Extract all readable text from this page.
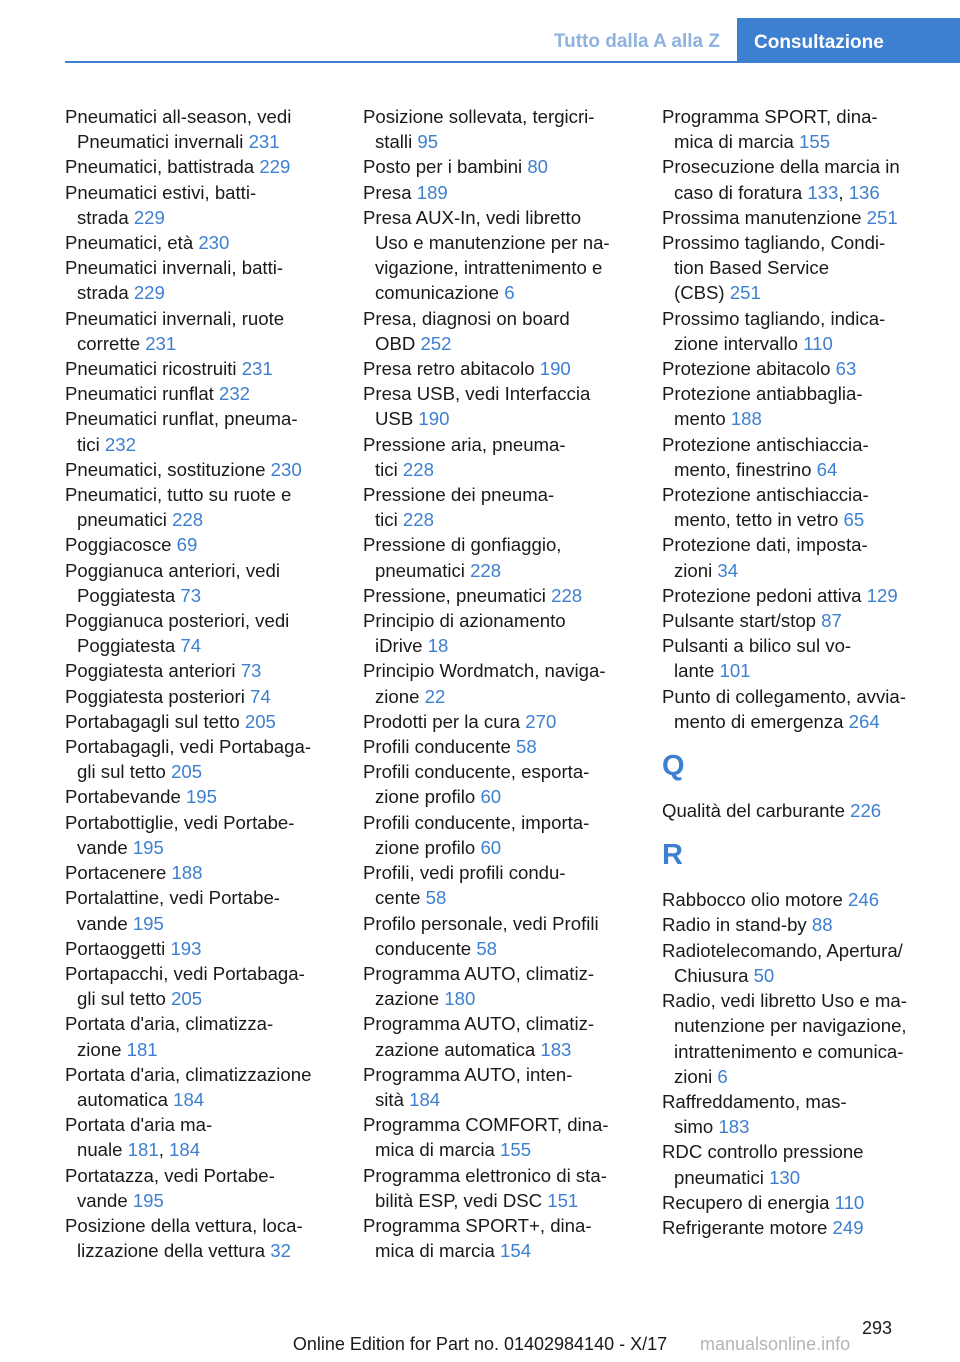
Tutto dalla A alla Z	Consultazione
Pneumatici all-season, vedi
Pneumatici invernali 231
Pneumatici, battistrada 229
Pneumatici estivi, batti-
strada 229
Pneumatici, età 230
Pneumatici invernali, batti-
strada 229
Pneumatici invernali, ruote
corrette 231
Pneumatici ricostruiti 231
Pneumatici runflat 232
Pneumatici runflat, pneuma-
tici 232
Pneumatici, sostituzione 230
Pneumatici, tutto su ruote e
pneumatici 228
Poggiacosce 69
Poggianuca anteriori, vedi
Poggiatesta 73
Poggianuca posteriori, vedi
Poggiatesta 74
Poggiatesta anteriori 73
Poggiatesta posteriori 74
Portabagagli sul tetto 205
Portabagagli, vedi Portabaga-
gli sul tetto 205
Portabevande 195
Portabottiglie, vedi Portabe-
vande 195
Portacenere 188
Portalattine, vedi Portabe-
vande 195
Portaoggetti 193
Portapacchi, vedi Portabaga-
gli sul tetto 205
Portata d'aria, climatizza-
zione 181
Portata d'aria, climatizzazione
automatica 184
Portata d'aria ma-
nuale 181, 184
Portatazza, vedi Portabe-
vande 195
Posizione della vettura, loca-
lizzazione della vettura 32
Posizione sollevata, tergicri-
stalli 95
Posto per i bambini 80
Presa 189
Presa AUX-In, vedi libretto
Uso e manutenzione per na-
vigazione, intrattenimento e
comunicazione 6
Presa, diagnosi on board
OBD 252
Presa retro abitacolo 190
Presa USB, vedi Interfaccia
USB 190
Pressione aria, pneuma-
tici 228
Pressione dei pneuma-
tici 228
Pressione di gonfiaggio,
pneumatici 228
Pressione, pneumatici 228
Principio di azionamento
iDrive 18
Principio Wordmatch, naviga-
zione 22
Prodotti per la cura 270
Profili conducente 58
Profili conducente, esporta-
zione profilo 60
Profili conducente, importa-
zione profilo 60
Profili, vedi profili condu-
cente 58
Profilo personale, vedi Profili
conducente 58
Programma AUTO, climatiz-
zazione 180
Programma AUTO, climatiz-
zazione automatica 183
Programma AUTO, inten-
sità 184
Programma COMFORT, dina-
mica di marcia 155
Programma elettronico di sta-
bilità ESP, vedi DSC 151
Programma SPORT+, dina-
mica di marcia 154
Programma SPORT, dina-
mica di marcia 155
Prosecuzione della marcia in
caso di foratura 133, 136
Prossima manutenzione 251
Prossimo tagliando, Condi-
tion Based Service
(CBS) 251
Prossimo tagliando, indica-
zione intervallo 110
Protezione abitacolo 63
Protezione antiabbaglia-
mento 188
Protezione antischiaccia-
mento, finestrino 64
Protezione antischiaccia-
mento, tetto in vetro 65
Protezione dati, imposta-
zioni 34
Protezione pedoni attiva 129
Pulsante start/stop 87
Pulsanti a bilico sul vo-
lante 101
Punto di collegamento, avvia-
mento di emergenza 264
Q
Qualità del carburante 226
R
Rabbocco olio motore 246
Radio in stand-by 88
Radiotelecomando, Apertura/
Chiusura 50
Radio, vedi libretto Uso e ma-
nutenzione per navigazione,
intrattenimento e comunica-
zioni 6
Raffreddamento, mas-
simo 183
RDC controllo pressione
pneumatici 130
Recupero di energia 110
Refrigerante motore 249
293
Online Edition for Part no. 01402984140 - X/17	manualsonline.info
